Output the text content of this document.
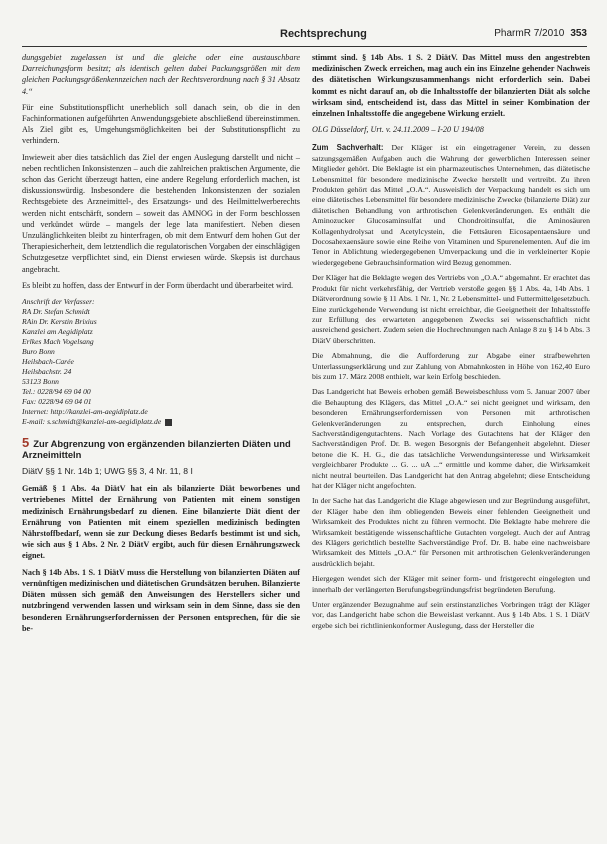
Rechtsprechung	PharmR 7/2010 353

dungsgebiet zugelassen ist und die gleiche oder eine austauschbare Darreichungsform besitzt; als identisch gelten dabei Packungsgrößen mit dem gleichen Packungsgrößenkennzeichen nach der Rechtsverordnung nach § 31 Absatz 4.“

Für eine Substitutionspflicht unerheblich soll danach sein, ob die in den Fachinformationen aufgeführten Anwendungsgebiete abschließend übereinstimmen. Als Ziel gibt es, Umgehungsmöglichkeiten bei der Substitutionspflicht zu verhindern.

Inwieweit aber dies tatsächlich das Ziel der engen Auslegung darstellt und nicht – neben rechtlichen Inkonsistenzen – auch die zahlreichen praktischen Argumente, die schon das Gericht überzeugt hatten, eine andere Regelung erforderlich machen, ist diskussionswürdig. Insbesondere die bestehenden Inkonsistenzen der sozialen Rechtsgebiete des Arzneimittel-, des Ersatzungs- und des Heilmittelwerberechts werden nicht entschärft, sondern – soweit das AMNOG in der Form beschlossen und verkündet würde – mangels der lege lata manifestiert. Neben diesen Unzulänglichkeiten bleibt zu hinterfragen, ob mit dem Entwurf dem hohen Gut der Therapiesicherheit, dem letztendlich die regulatorischen Vorgaben der einschlägigen Schutzgesetze verpflichtet sind, ein Dienst erwiesen würde. Skepsis ist durchaus angebracht.

Es bleibt zu hoffen, dass der Entwurf in der Form überdacht und überarbeitet wird.

Anschrift der Verfasser:
RA Dr. Stefan Schmidt
RAin Dr. Kerstin Brixius
Kanzlei am Aegidiplatz
Erlkes Mach Vogelsang
Buro Bonn
Heilsbach-Carée
Heilsbachstr. 24
53123 Bonn
Tel.: 0228/94 69 04 00
Fax: 0228/94 69 04 01
Internet: http://kanzlei-am-aegidiplatz.de
E-mail: s.schmidt@kanzlei-am-aegidiplatz.de
5 Zur Abgrenzung von ergänzenden bilanzierten Diäten und Arzneimitteln
DiätV §§ 1 Nr. 14b 1; UWG §§ 3, 4 Nr. 11, 8 I

Gemäß § 1 Abs. 4a DiätV hat ein als bilanzierte Diät beworbenes und vertriebenes Mittel der Ernährung von Patienten mit einem sonstigen medizinisch Ernährungsbedarf zu dienen. Eine bilanzierte Diät dient der Ernährung von Patienten mit einem speziellen medizinisch bedingten Nährstoffbedarf, wenn sie zur Deckung dieses Bedarfs bestimmt ist und sich, wie sich aus § 1 Abs. 2 Nr. 2 DiätV ergibt, auch für diesen Ernährungszweck eignet.

Nach § 14b Abs. 1 S. 1 DiätV muss die Herstellung von bilanzierten Diäten auf vernünftigen medizinischen und diätetischen Grundsätzen beruhen. Bilanzierte Diäten müssen sich gemäß den Anweisungen des Herstellers sicher und nutzbringend verwenden lassen und wirksam sein in dem Sinne, dass sie den besonderen Ernährungserfordernissen der Personen entsprechen, für die sie be-

stimmt sind. § 14b Abs. 1 S. 2 DiätV. Das Mittel muss den angestrebten medizinischen Zweck erreichen, mag auch ein ins Einzelne gehender Nachweis des diätetischen Wirkungszusammenhangs nicht erforderlich sein. Dabei kommt es nicht darauf an, ob die Inhaltsstoffe der bilanzierten Diät als solche wirksam sind, entscheidend ist, dass das Mittel in seiner Kombination der einzelnen Inhaltsstoffe die angegebene Wirkung erzielt.

OLG Düsseldorf, Urt. v. 24.11.2009 – I-20 U 194/08

Zum Sachverhalt: Der Kläger ist ein eingetragener Verein, zu dessen satzungsgemäßen Aufgaben auch die Wahrung der gewerblichen Interessen seiner Mitglieder gehört. Die Beklagte ist ein pharmazeutisches Unternehmen, das diätetische Lebensmittel für besondere medizinische Zwecke herstellt und vertreibt. Zu ihren Produkten gehört das Mittel „O.A.“. Ausweislich der Verpackung handelt es sich um eine diätetisches Lebensmittel für besondere medizinische Zwecke (bilanzierte Diät) zur diätetischen Behandlung von arthrotischen Gelenkveränderungen. Es enthält die Aminozucker Glucosaminsulfat und Chondroitinsulfat, die Aminosäuren Kollagenhydrolysat und Acetylcystein, die Fettsäuren Eicosapentaensäure und Docosahexaensäure sowie eine Reihe von Vitaminen und Spurenelementen. Auf die im Tenor in Ablichtung wiedergegebenen Umverpackung und die in verkleinerter Kopie wiedergegebene Gebrauchsinformation wird Bezug genommen.

Der Kläger hat die Beklagte wegen des Vertriebs von „O.A.“ abgemahnt. Er erachtet das Produkt für nicht verkehrsfähig, der Vertrieb verstoße gegen §§ 1 Abs. 4a, 14b Abs. 1 Diätverordnung sowie § 11 Abs. 1 Nr. 1, Nr. 2 Lebensmittel- und Futtermittelgesetzbuch. Eine zurückgehende Verwendung ist nicht erreichbar, die Geeignetheit der Inhaltsstoffe zur Erfüllung des erwarteten angegebenen Zwecks sei wissenschaftlich nicht ausreichend gesichert. Zudem seien die Hochrechnungen nach Anlage 8 zu § 14 b Abs. 3 DiätV überschritten.

Die Abmahnung, die die Aufforderung zur Abgabe einer strafbewehrten Unterlassungserklärung und zur Zahlung von Abmahnkosten in Höhe von 162,40 Euro bis zum 17. März 2008 enthielt, war kein Erfolg beschieden.

Das Landgericht hat Beweis erhoben gemäß Beweisbeschluss vom 5. Januar 2007 über die Behauptung des Klägers, das Mittel „O.A.“ sei nicht geeignet und wirksam, den besonderen Ernährungserfordernissen von Personen mit arthrotischen Gelenkveränderungen zu entsprechen, durch Einholung eines Sachverständigengutachtens. Nach Vorlage des Gutachtens hat der Kläger den Sachverständigen Prof. Dr. B. wegen Besorgnis der Befangenheit abgelehnt. Dieser betone die K. H. G., die das tatsächliche Verwendungsinteresse und Wirksamkeit vergleichbarer Produkte ... G. ... uA ...“ ermittle und komme daher, die Wirksamkeit nicht neutral beurteilen. Das Landgericht hat den Antrag abgelehnt; diese Entscheidung hat der Kläger nicht angefochten.

In der Sache hat das Landgericht die Klage abgewiesen und zur Begründung ausgeführt, der Kläger habe den ihm obliegenden Beweis einer fehlenden Geeignetheit und Wirksamkeit des Produktes nicht zu führen vermocht. Die Beklagte habe mehrere die Wirksamkeit bestätigende wissenschaftliche Gutachten vorgelegt. Auch der auf Antrag des Klägers gerichtlich bestellte Sachverständige Prof. Dr. B. habe eine nachweisbare Wirksamkeit des Mittels „O.A.“ für Personen mit arthrotischen Gelenkveränderungen ausdrücklich bejaht.

Hiergegen wendet sich der Kläger mit seiner form- und fristgerecht eingelegten und innerhalb der verlängerten Berufungsbegründungsfrist begründeten Berufung.

Unter ergänzender Bezugnahme auf sein erstinstanzliches Vorbringen trägt der Kläger vor, das Landgericht habe schon die Beweislast verkannt. Aus § 14b Abs. 1 S. 1 DiätV ergebe sich bei richtlinienkonformer Auslegung, dass der Hersteller die
